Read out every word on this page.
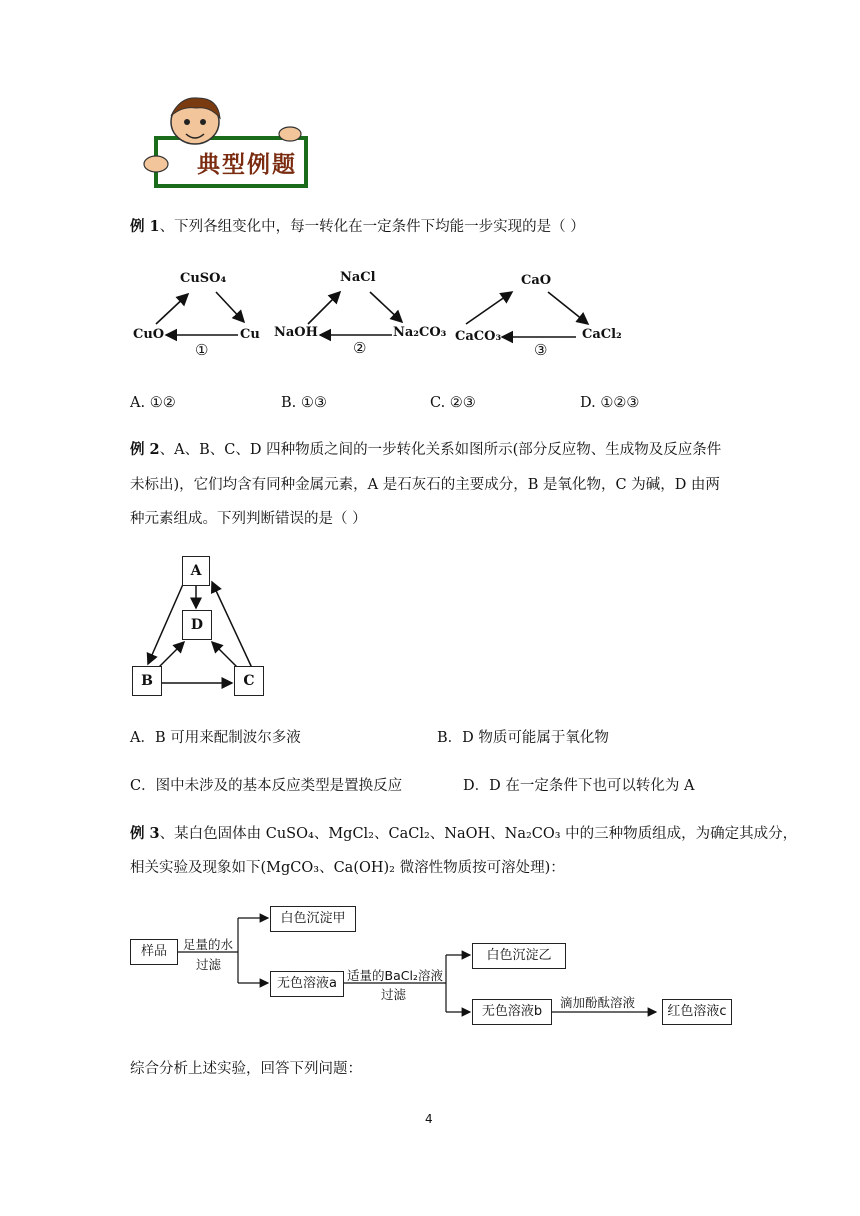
典型例题
例 1、下列各组变化中，每一转化在一定条件下均能一步实现的是（ ）
CuSO₄
CuO	Cu
①
NaCl
NaOH	Na₂CO₃
②
CaO
CaCO₃	CaCl₂
③
A. ①②	B. ①③	C. ②③	D. ①②③
例 2、A、B、C、D 四种物质之间的一步转化关系如图所示(部分反应物、生成物及反应条件
未标出)，它们均含有同种金属元素，A 是石灰石的主要成分，B 是氧化物，C 为碱，D 由两
种元素组成。下列判断错误的是（ ）
A
D
B	C
A．B 可用来配制波尔多液	B．D 物质可能属于氧化物
C．图中未涉及的基本反应类型是置换反应	D．D 在一定条件下也可以转化为 A
例 3、某白色固体由 CuSO₄、MgCl₂、CaCl₂、NaOH、Na₂CO₃ 中的三种物质组成，为确定其成分，
相关实验及现象如下(MgCO₃、Ca(OH)₂ 微溶性物质按可溶处理)：
样品	足量的水
过滤
白色沉淀甲
无色溶液a
适量的BaCl₂溶液
过滤
白色沉淀乙
无色溶液b
滴加酚酞溶液
红色溶液c
综合分析上述实验，回答下列问题：
4
